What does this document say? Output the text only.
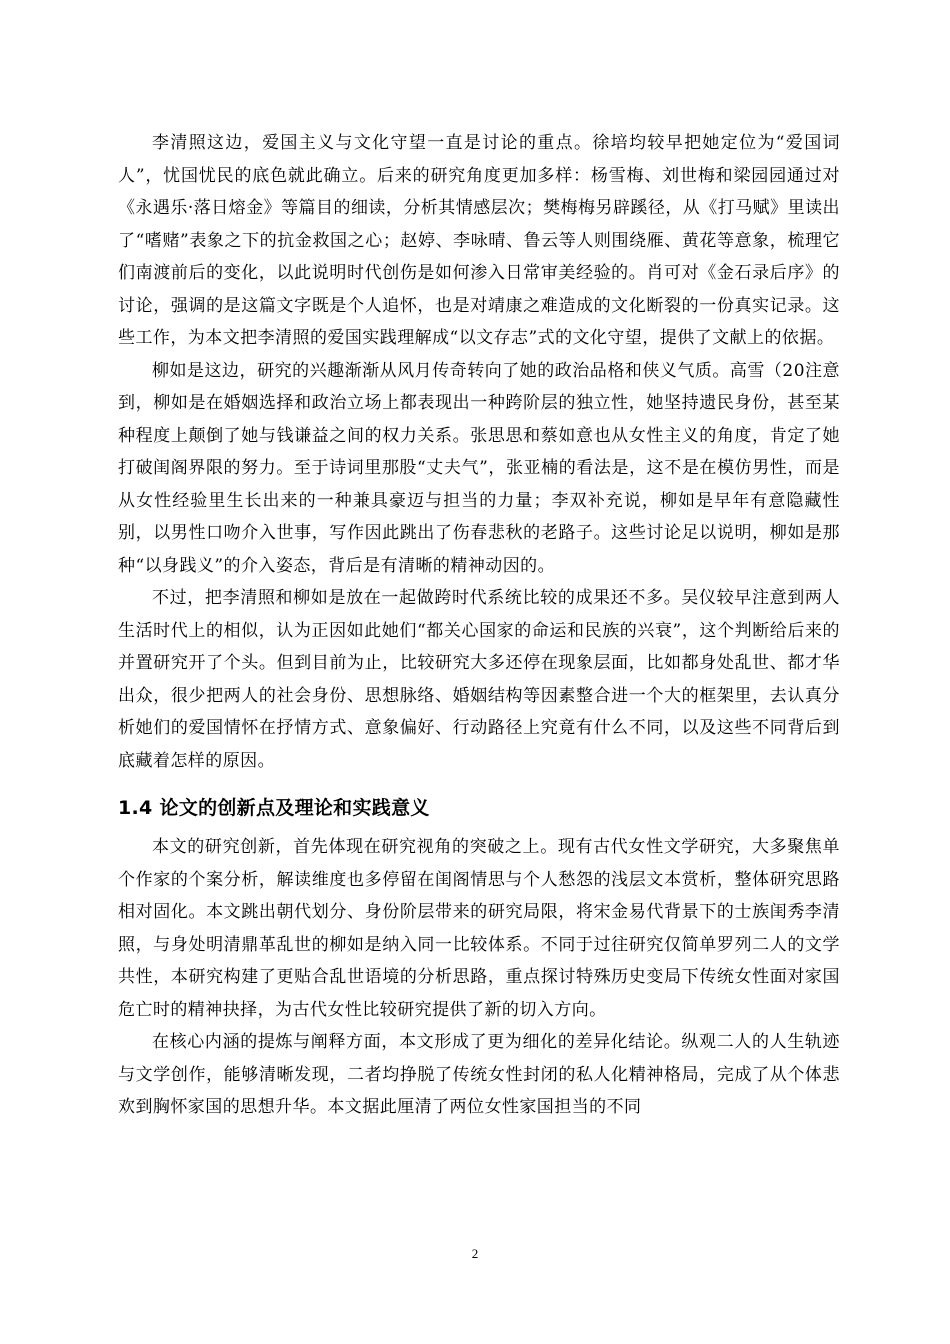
李清照这边，爱国主义与文化守望一直是讨论的重点。徐培均较早把她定位为“爱国词人”，忧国忧民的底色就此确立。后来的研究角度更加多样：杨雪梅、刘世梅和梁园园通过对《永遇乐·落日熔金》等篇目的细读，分析其情感层次；樊梅梅另辟蹊径，从《打马赋》里读出了“嗜赌”表象之下的抗金救国之心；赵婷、李咏晴、鲁云等人则围绕雁、黄花等意象，梳理它们南渡前后的变化，以此说明时代创伤是如何渗入日常审美经验的。肖可对《金石录后序》的讨论，强调的是这篇文字既是个人追怀，也是对靖康之难造成的文化断裂的一份真实记录。这些工作，为本文把李清照的爱国实践理解成“以文存志”式的文化守望，提供了文献上的依据。

柳如是这边，研究的兴趣渐渐从风月传奇转向了她的政治品格和侠义气质。高雪（20注意到，柳如是在婚姻选择和政治立场上都表现出一种跨阶层的独立性，她坚持遗民身份，甚至某种程度上颠倒了她与钱谦益之间的权力关系。张思思和蔡如意也从女性主义的角度，肯定了她打破闺阁界限的努力。至于诗词里那股“丈夫气”，张亚楠的看法是，这不是在模仿男性，而是从女性经验里生长出来的一种兼具豪迈与担当的力量；李双补充说，柳如是早年有意隐藏性别，以男性口吻介入世事，写作因此跳出了伤春悲秋的老路子。这些讨论足以说明，柳如是那种“以身践义”的介入姿态，背后是有清晰的精神动因的。

不过，把李清照和柳如是放在一起做跨时代系统比较的成果还不多。吴仪较早注意到两人生活时代上的相似，认为正因如此她们“都关心国家的命运和民族的兴衰”，这个判断给后来的并置研究开了个头。但到目前为止，比较研究大多还停在现象层面，比如都身处乱世、都才华出众，很少把两人的社会身份、思想脉络、婚姻结构等因素整合进一个大的框架里，去认真分析她们的爱国情怀在抒情方式、意象偏好、行动路径上究竟有什么不同，以及这些不同背后到底藏着怎样的原因。

1.4 论文的创新点及理论和实践意义

本文的研究创新，首先体现在研究视角的突破之上。现有古代女性文学研究，大多聚焦单个作家的个案分析，解读维度也多停留在闺阁情思与个人愁怨的浅层文本赏析，整体研究思路相对固化。本文跳出朝代划分、身份阶层带来的研究局限，将宋金易代背景下的士族闺秀李清照，与身处明清鼎革乱世的柳如是纳入同一比较体系。不同于过往研究仅简单罗列二人的文学共性，本研究构建了更贴合乱世语境的分析思路，重点探讨特殊历史变局下传统女性面对家国危亡时的精神抉择，为古代女性比较研究提供了新的切入方向。

在核心内涵的提炼与阐释方面，本文形成了更为细化的差异化结论。纵观二人的人生轨迹与文学创作，能够清晰发现，二者均挣脱了传统女性封闭的私人化精神格局，完成了从个体悲欢到胸怀家国的思想升华。本文据此厘清了两位女性家国担当的不同

2
